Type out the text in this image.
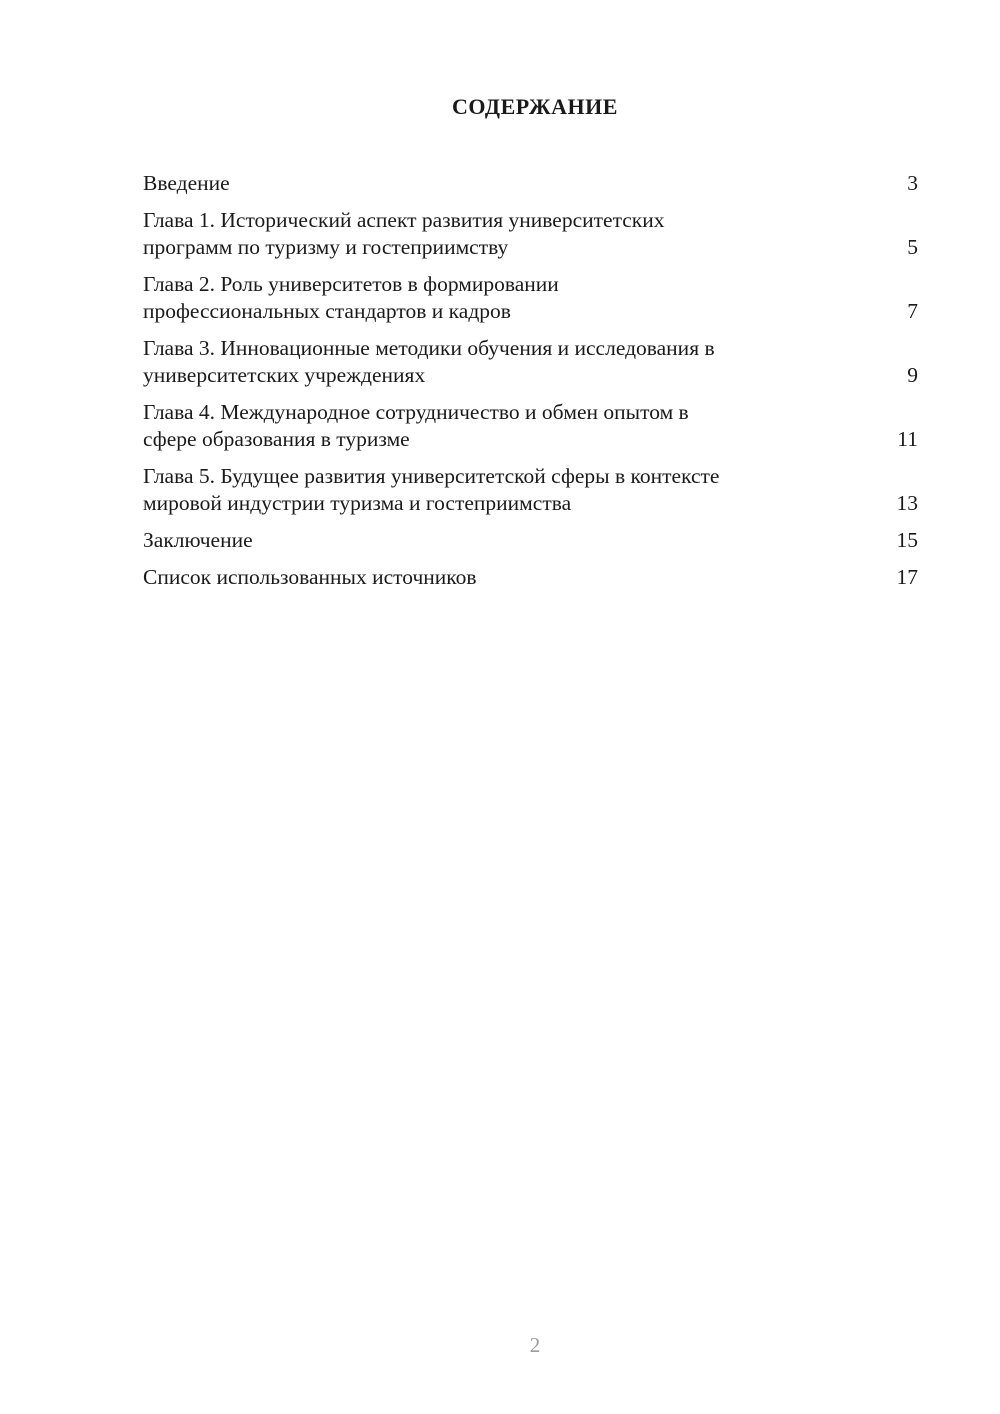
СОДЕРЖАНИЕ
Введение	3
Глава 1. Исторический аспект развития университетских
программ по туризму и гостеприимству	5
Глава 2. Роль университетов в формировании
профессиональных стандартов и кадров	7
Глава 3. Инновационные методики обучения и исследования в
университетских учреждениях	9
Глава 4. Международное сотрудничество и обмен опытом в
сфере образования в туризме	11
Глава 5. Будущее развития университетской сферы в контексте
мировой индустрии туризма и гостеприимства	13
Заключение	15
Список использованных источников	17
2
